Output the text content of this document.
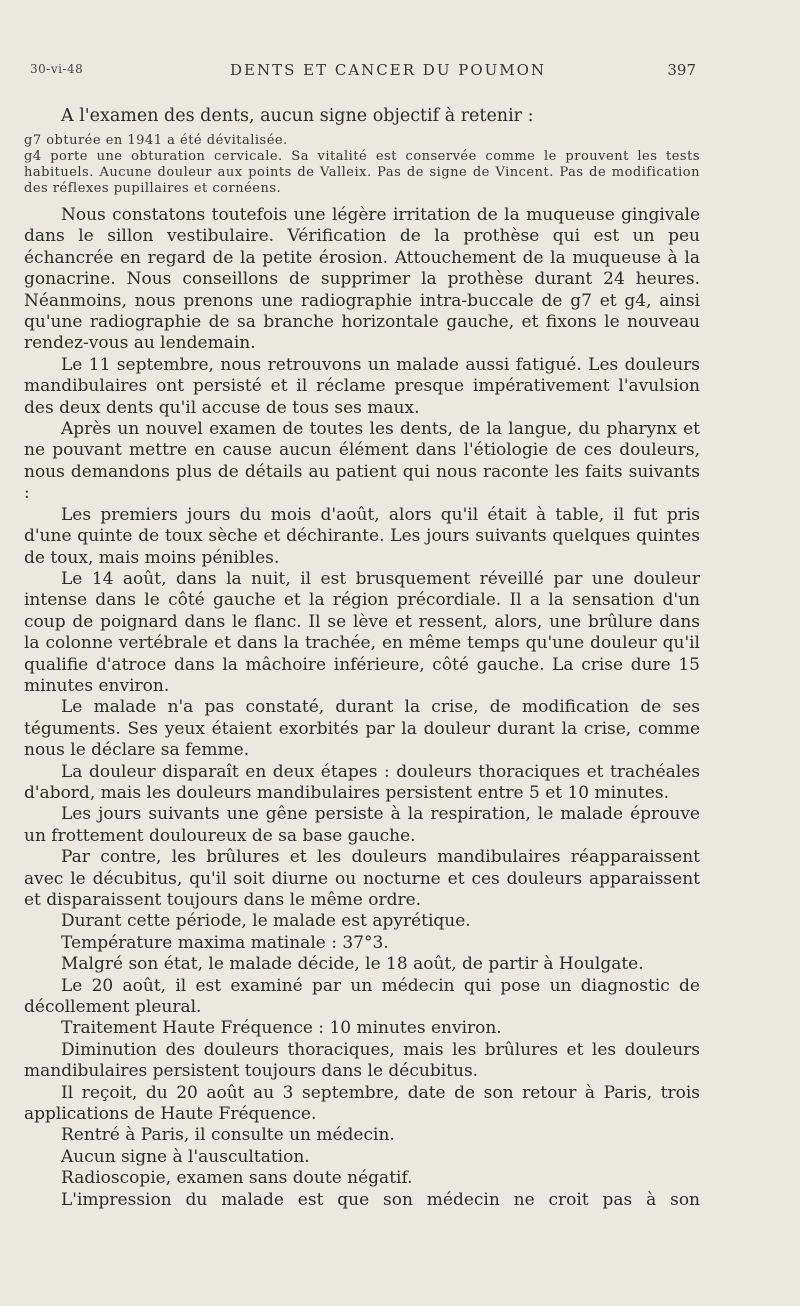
30-vi-48	DENTS ET CANCER DU POUMON	397

A l'examen des dents, aucun signe objectif à retenir :

g7 obturée en 1941 a été dévitalisée.

g4 porte une obturation cervicale. Sa vitalité est conservée comme le prouvent les tests habituels. Aucune douleur aux points de Valleix. Pas de signe de Vincent. Pas de modification des réflexes pupillaires et cornéens.

Nous constatons toutefois une légère irritation de la muqueuse gingivale dans le sillon vestibulaire. Vérification de la prothèse qui est un peu échancrée en regard de la petite érosion. Attouchement de la muqueuse à la gonacrine. Nous conseillons de supprimer la prothèse durant 24 heures. Néanmoins, nous prenons une radiographie intra-buccale de g7 et g4, ainsi qu'une radiographie de sa branche horizontale gauche, et fixons le nouveau rendez-vous au lendemain.

Le 11 septembre, nous retrouvons un malade aussi fatigué. Les douleurs mandibulaires ont persisté et il réclame presque impérativement l'avulsion des deux dents qu'il accuse de tous ses maux.

Après un nouvel examen de toutes les dents, de la langue, du pharynx et ne pouvant mettre en cause aucun élément dans l'étiologie de ces douleurs, nous demandons plus de détails au patient qui nous raconte les faits suivants :

Les premiers jours du mois d'août, alors qu'il était à table, il fut pris d'une quinte de toux sèche et déchirante. Les jours suivants quelques quintes de toux, mais moins pénibles.

Le 14 août, dans la nuit, il est brusquement réveillé par une douleur intense dans le côté gauche et la région précordiale. Il a la sensation d'un coup de poignard dans le flanc. Il se lève et ressent, alors, une brûlure dans la colonne vertébrale et dans la trachée, en même temps qu'une douleur qu'il qualifie d'atroce dans la mâchoire inférieure, côté gauche. La crise dure 15 minutes environ.

Le malade n'a pas constaté, durant la crise, de modification de ses téguments. Ses yeux étaient exorbités par la douleur durant la crise, comme nous le déclare sa femme.

La douleur disparaît en deux étapes : douleurs thoraciques et trachéales d'abord, mais les douleurs mandibulaires persistent entre 5 et 10 minutes.

Les jours suivants une gêne persiste à la respiration, le malade éprouve un frottement douloureux de sa base gauche.

Par contre, les brûlures et les douleurs mandibulaires réapparaissent avec le décubitus, qu'il soit diurne ou nocturne et ces douleurs apparaissent et disparaissent toujours dans le même ordre.

Durant cette période, le malade est apyrétique.

Température maxima matinale : 37°3.

Malgré son état, le malade décide, le 18 août, de partir à Houlgate.

Le 20 août, il est examiné par un médecin qui pose un diagnostic de décollement pleural.

Traitement Haute Fréquence : 10 minutes environ.

Diminution des douleurs thoraciques, mais les brûlures et les douleurs mandibulaires persistent toujours dans le décubitus.

Il reçoit, du 20 août au 3 septembre, date de son retour à Paris, trois applications de Haute Fréquence.

Rentré à Paris, il consulte un médecin.

Aucun signe à l'auscultation.

Radioscopie, examen sans doute négatif.

L'impression du malade est que son médecin ne croit pas à son
